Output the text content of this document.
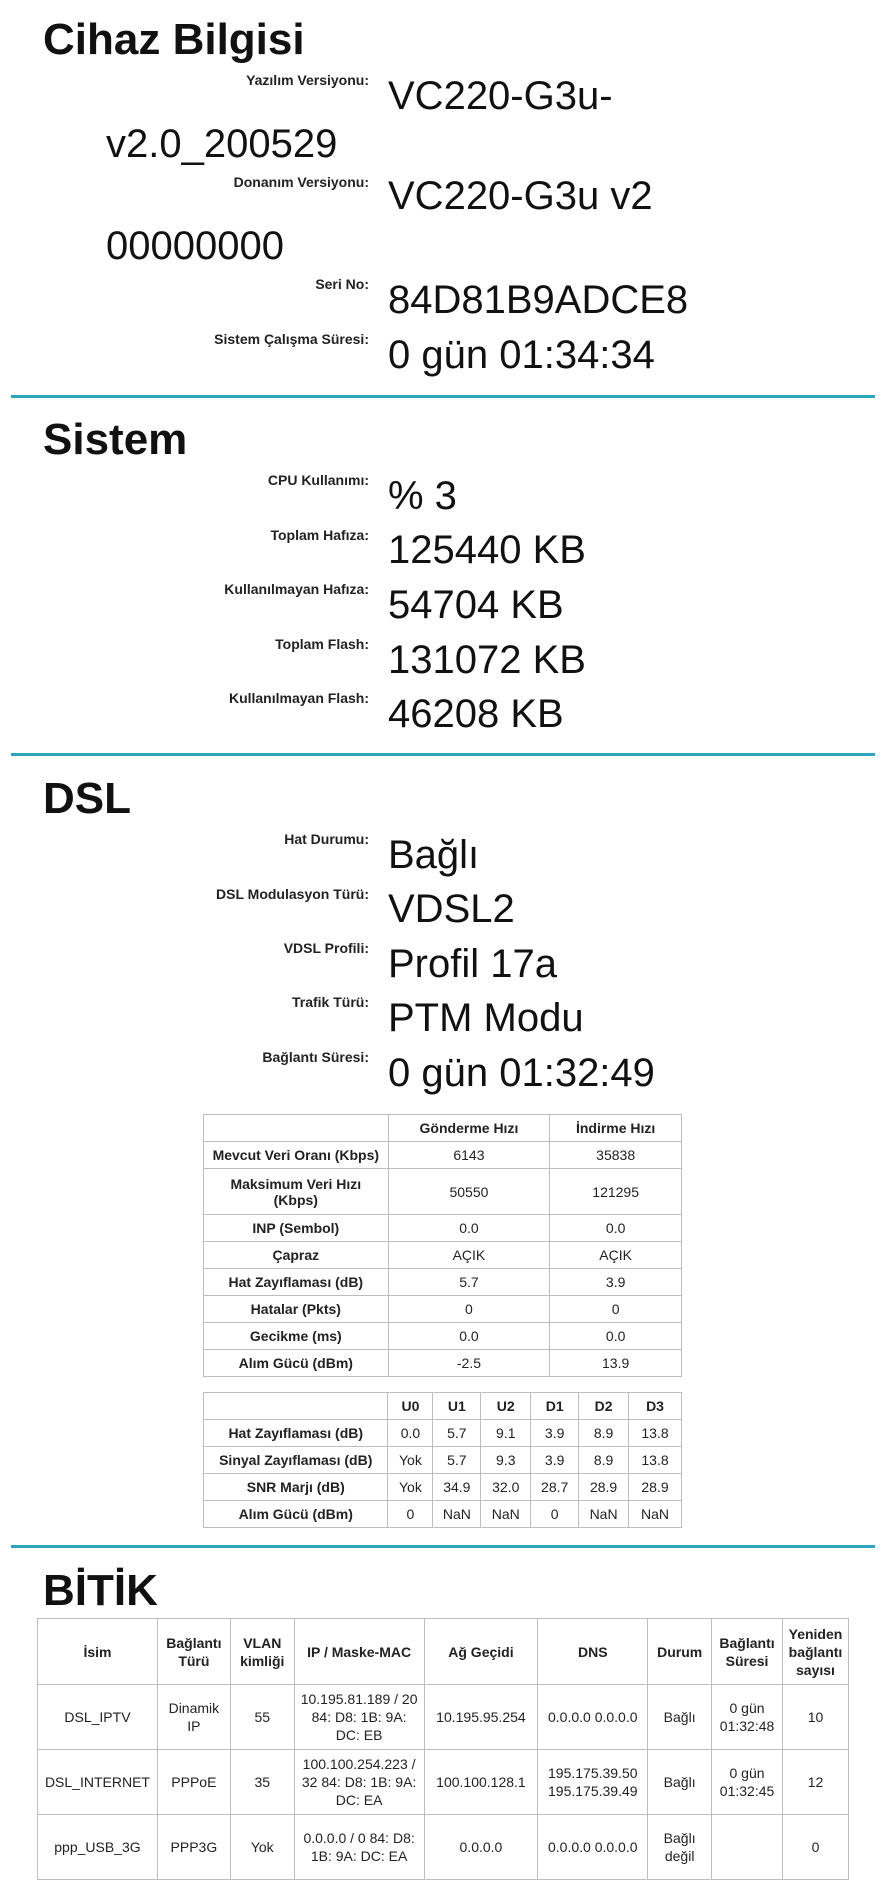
Cihaz Bilgisi
Yazılım Versiyonu: VC220-G3u-
v2.0_200529
Donanım Versiyonu: VC220-G3u v2
00000000
Seri No: 84D81B9ADCE8
Sistem Çalışma Süresi: 0 gün 01:34:34
Sistem
CPU Kullanımı: % 3
Toplam Hafıza: 125440 KB
Kullanılmayan Hafıza: 54704 KB
Toplam Flash: 131072 KB
Kullanılmayan Flash: 46208 KB
DSL
Hat Durumu: Bağlı
DSL Modulasyon Türü: VDSL2
VDSL Profili: Profil 17a
Trafik Türü: PTM Modu
Bağlantı Süresi: 0 gün 01:32:49
	Gönderme Hızı	İndirme Hızı
Mevcut Veri Oranı (Kbps)	6143	35838
Maksimum Veri Hızı (Kbps)	50550	121295
INP (Sembol)	0.0	0.0
Çapraz	AÇIK	AÇIK
Hat Zayıflaması (dB)	5.7	3.9
Hatalar (Pkts)	0	0
Gecikme (ms)	0.0	0.0
Alım Gücü (dBm)	-2.5	13.9
	U0	U1	U2	D1	D2	D3
Hat Zayıflaması (dB)	0.0	5.7	9.1	3.9	8.9	13.8
Sinyal Zayıflaması (dB)	Yok	5.7	9.3	3.9	8.9	13.8
SNR Marjı (dB)	Yok	34.9	32.0	28.7	28.9	28.9
Alım Gücü (dBm)	0	NaN	NaN	0	NaN	NaN
BİTİK
İsim	Bağlantı Türü	VLAN kimliği	IP / Maske-MAC	Ağ Geçidi	DNS	Durum	Bağlantı Süresi	Yeniden bağlantı sayısı
DSL_IPTV	Dinamik IP	55	10.195.81.189 / 20 84: D8: 1B: 9A: DC: EB	10.195.95.254	0.0.0.0 0.0.0.0	Bağlı	0 gün 01:32:48	10
DSL_INTERNET	PPPoE	35	100.100.254.223 / 32 84: D8: 1B: 9A: DC: EA	100.100.128.1	195.175.39.50 195.175.39.49	Bağlı	0 gün 01:32:45	12
ppp_USB_3G	PPP3G	Yok	0.0.0.0 / 0 84: D8: 1B: 9A: DC: EA	0.0.0.0	0.0.0.0 0.0.0.0	Bağlı değil		0
